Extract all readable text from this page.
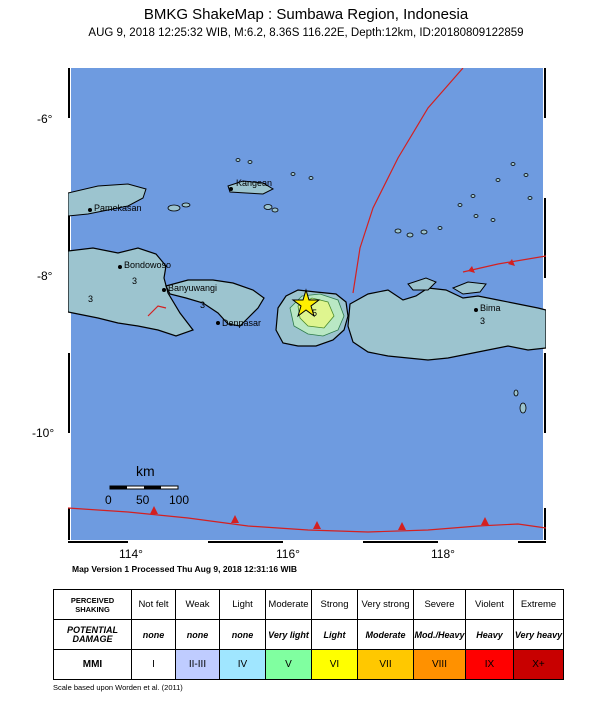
BMKG ShakeMap : Sumbawa Region, Indonesia
AUG 9, 2018 12:25:32 WIB, M:6.2, 8.36S 116.22E, Depth:12km, ID:20180809122859
-6°
-8°
-10°
114°	116°	118°
Kangean
Pamekasan
Bondowoso
Banyuwangi
Denpasar
Bima
3
3
3
5
3
km
0 50 100
Map Version 1 Processed Thu Aug 9, 2018 12:31:16 WIB
PERCEIVED SHAKING	Not felt	Weak	Light	Moderate	Strong	Very strong	Severe	Violent	Extreme
POTENTIAL DAMAGE	none	none	none	Very light	Light	Moderate	Mod./Heavy	Heavy	Very heavy
MMI	I	II-III	IV	V	VI	VII	VIII	IX	X+
Scale based upon Worden et al. (2011)
